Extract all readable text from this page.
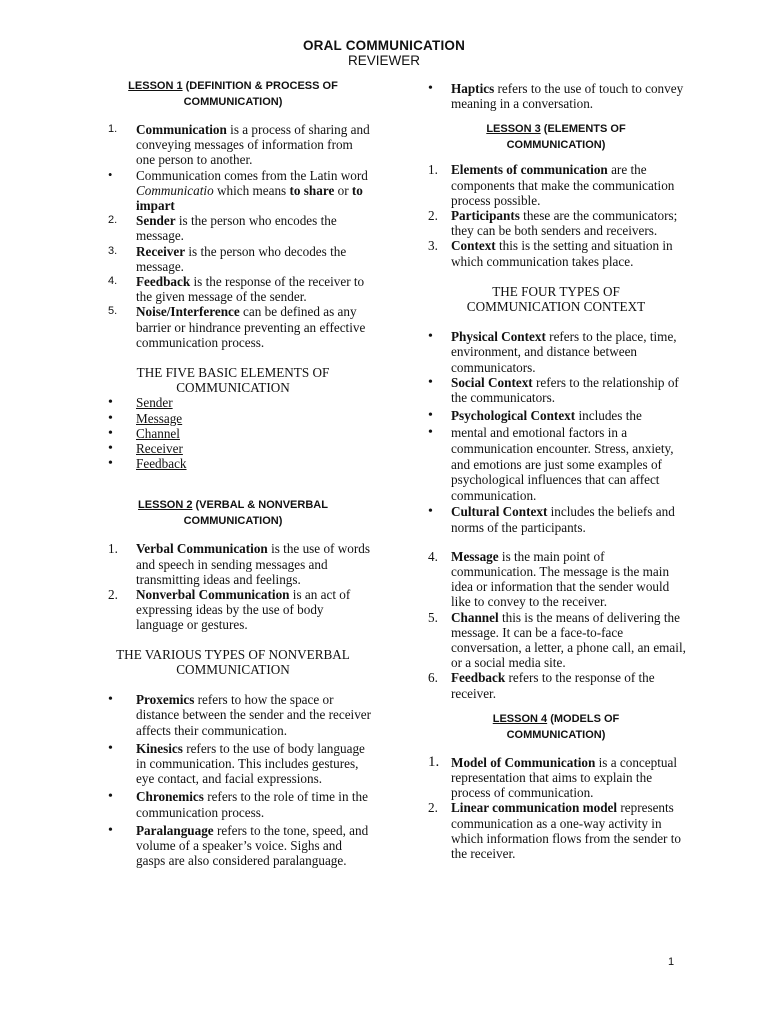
ORAL COMMUNICATION
REVIEWER

LESSON 1 (DEFINITION & PROCESS OF
COMMUNICATION)

1.	Communication is a process of sharing and conveying messages of information from one person to another.
•	Communication comes from the Latin word Communicatio which means to share or to impart
2.	Sender is the person who encodes the message.
3.	Receiver is the person who decodes the message.
4.	Feedback is the response of the receiver to the given message of the sender.
5.	Noise/Interference can be defined as any barrier or hindrance preventing an effective communication process.

THE FIVE BASIC ELEMENTS OF
COMMUNICATION

•
Sender
•
Message
•
Channel
•
Receiver
•
Feedback

LESSON 2 (VERBAL & NONVERBAL
COMMUNICATION)

1.	Verbal Communication is the use of words and speech in sending messages and transmitting ideas and feelings.
2.	Nonverbal Communication is an act of expressing ideas by the use of body language or gestures.

THE VARIOUS TYPES OF NONVERBAL
COMMUNICATION

•
Proxemics refers to how the space or distance between the sender and the receiver affects their communication.
•
Kinesics refers to the use of body language in communication. This includes gestures, eye contact, and facial expressions.
•
Chronemics refers to the role of time in the communication process.
•
Paralanguage refers to the tone, speed, and volume of a speaker’s voice. Sighs and gasps are also considered paralanguage.
•
Haptics refers to the use of touch to convey meaning in a conversation.

LESSON 3 (ELEMENTS OF
COMMUNICATION)

1. Elements of communication are the components that make the communication process possible.
2. Participants these are the communicators; they can be both senders and receivers.
3. Context this is the setting and situation in which communication takes place.

THE FOUR TYPES OF
COMMUNICATION CONTEXT

•
Physical Context refers to the place, time, environment, and distance between communicators.
•
Social Context refers to the relationship of the communicators.
•
Psychological Context includes the
•
mental and emotional factors in a communication encounter. Stress, anxiety, and emotions are just some examples of psychological influences that can affect communication.
•
Cultural Context includes the beliefs and norms of the participants.
4. Message is the main point of communication. The message is the main idea or information that the sender would like to convey to the receiver.
5. Channel this is the means of delivering the message. It can be a face-to-face conversation, a letter, a phone call, an email, or a social media site.
6. Feedback refers to the response of the receiver.

LESSON 4 (MODELS OF
COMMUNICATION)

1. Model of Communication is a conceptual representation that aims to explain the process of communication.
2. Linear communication model represents communication as a one-way activity in which information flows from the sender to the receiver.
1
